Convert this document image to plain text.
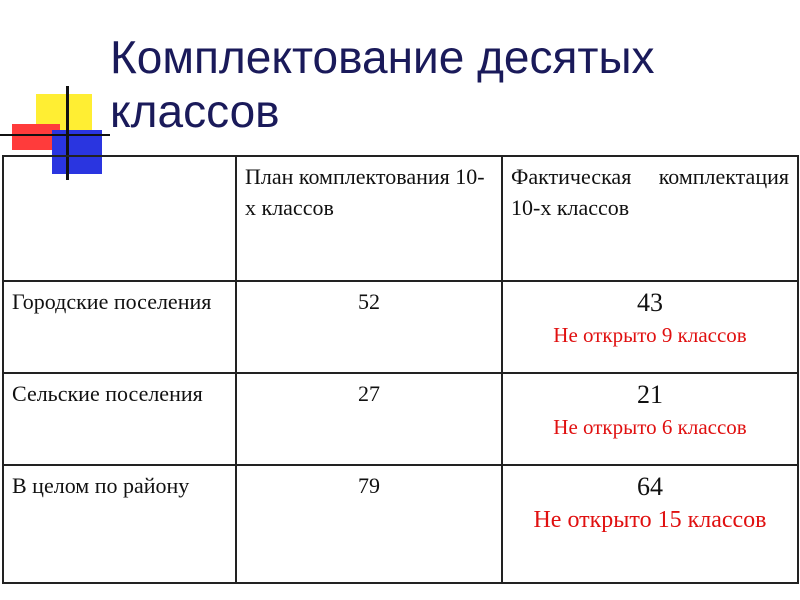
Комплектование десятых классов
	План комплектования 10-х классов	Фактическая комплектация 10-х классов
Городские поселения	52	43
Не открыто 9 классов

Сельские поселения	27	21
Не открыто 6 классов

В целом по району	79	64
Не открыто 15 классов
